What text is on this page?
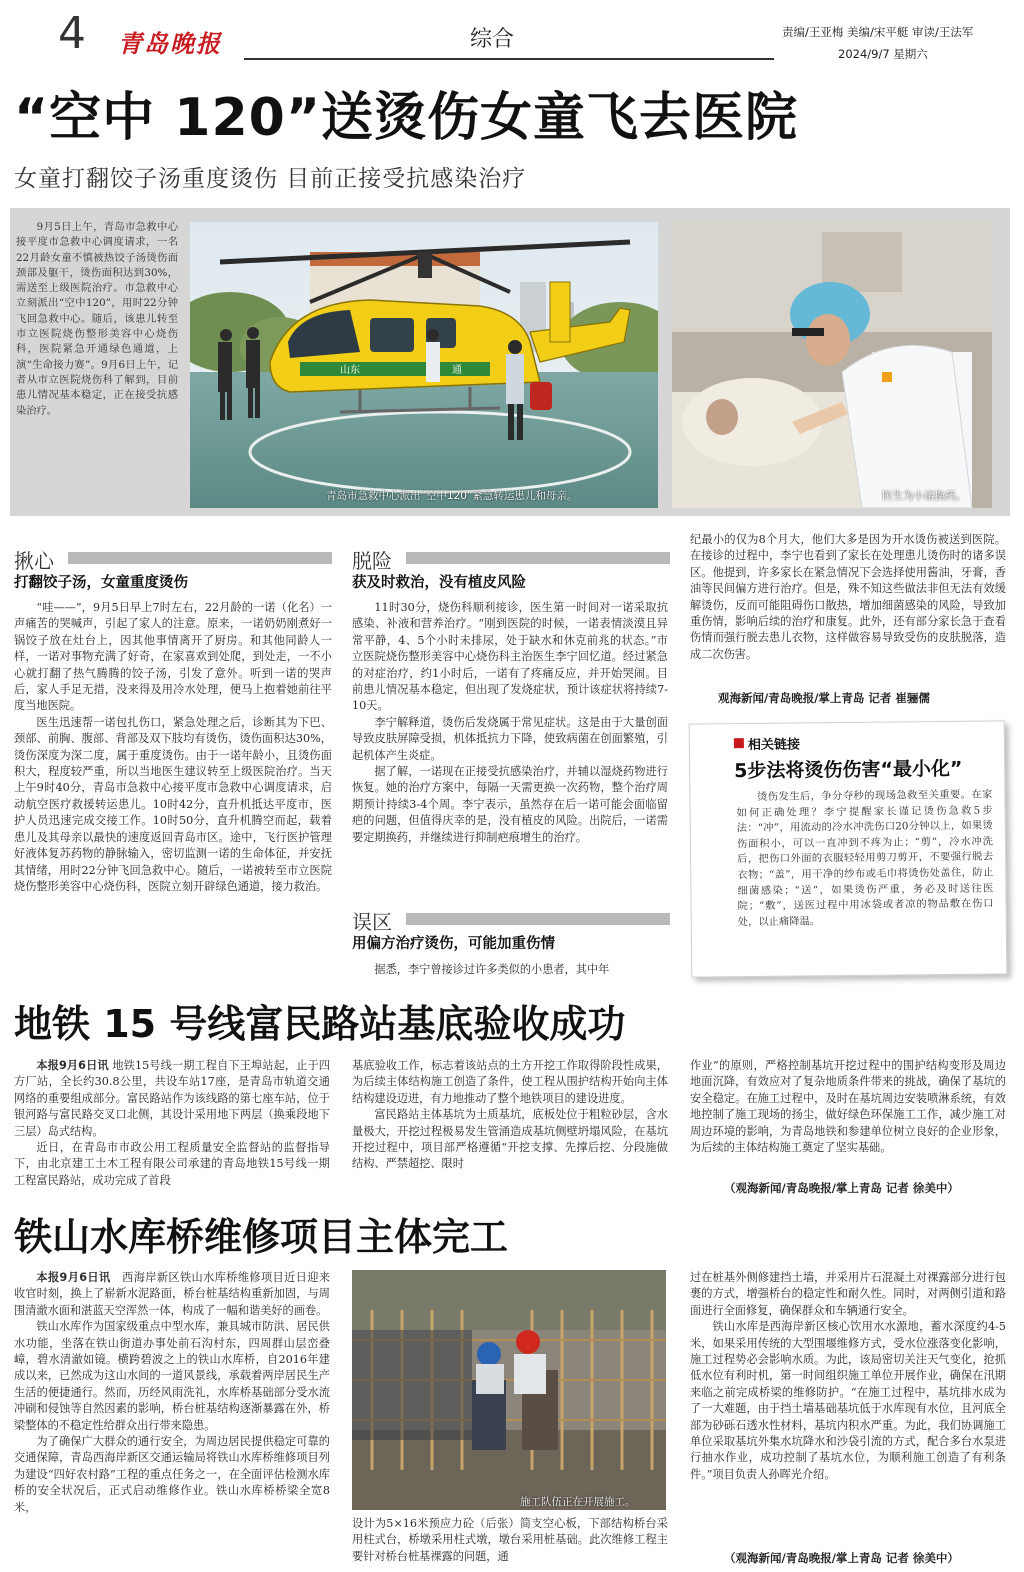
4 青岛晚报	综合	责编/王亚梅 美编/宋平艇 审读/王法军
2024/9/7 星期六
“空中 120”送烫伤女童飞去医院
女童打翻饺子汤重度烫伤 目前正接受抗感染治疗
9月5日上午，青岛市急救中心接平度市急救中心调度请求，一名22月龄女童不慎被热饺子汤烫伤面颈部及躯干，烫伤面积达到30%，需送至上级医院治疗。市急救中心立刻派出“空中120”，用时22分钟飞回急救中心。随后，该患儿转至市立医院烧伤整形美容中心烧伤科，医院紧急开通绿色通道，上演“生命接力赛”。9月6日上午，记者从市立医院烧伤科了解到，目前患儿情况基本稳定，正在接受抗感染治疗。
山东	通
青岛市急救中心派出“空中120”紧急转运患儿和母亲。	医生为小诺换药。
揪心
打翻饺子汤，女童重度烫伤

“哇——”，9月5日早上7时左右，22月龄的一诺（化名）一声痛苦的哭喊声，引起了家人的注意。原来，一诺奶奶刚煮好一锅饺子放在灶台上，因其他事情离开了厨房。和其他同龄人一样，一诺对事物充满了好奇，在家喜欢到处爬，到处走，一不小心就打翻了热气腾腾的饺子汤，引发了意外。听到一诺的哭声后，家人手足无措，没来得及用冷水处理，便马上抱着她前往平度当地医院。

医生迅速帮一诺包扎伤口，紧急处理之后，诊断其为下巴、颈部、前胸、腹部、背部及双下肢均有烫伤，烫伤面积达30%，烫伤深度为深二度，属于重度烫伤。由于一诺年龄小，且烫伤面积大，程度较严重，所以当地医生建议转至上级医院治疗。当天上午9时40分，青岛市急救中心接平度市急救中心调度请求，启动航空医疗救援转运患儿。10时42分，直升机抵达平度市，医护人员迅速完成交接工作。10时50分，直升机腾空而起，载着患儿及其母亲以最快的速度返回青岛市区。途中，飞行医护管理好液体复苏药物的静脉输入，密切监测一诺的生命体征，并安抚其情绪，用时22分钟飞回急救中心。随后，一诺被转至市立医院烧伤整形美容中心烧伤科，医院立刻开辟绿色通道，接力救治。

脱险
获及时救治，没有植皮风险

11时30分，烧伤科顺利接诊，医生第一时间对一诺采取抗感染、补液和营养治疗。“刚到医院的时候，一诺表情淡漠且异常平静，4、5个小时未排尿，处于缺水和休克前兆的状态。”市立医院烧伤整形美容中心烧伤科主治医生李宁回忆道。经过紧急的对症治疗，约1小时后，一诺有了疼痛反应，并开始哭闹。目前患儿情况基本稳定，但出现了发烧症状，预计该症状将持续7-10天。

李宁解释道，烫伤后发烧属于常见症状。这是由于大量创面导致皮肤屏障受损，机体抵抗力下降，使致病菌在创面繁殖，引起机体产生炎症。

据了解，一诺现在正接受抗感染治疗，并辅以湿烧药物进行恢复。她的治疗方案中，每隔一天需更换一次药物，整个治疗周期预计持续3-4个周。李宁表示，虽然存在后一诺可能会面临留疤的问题，但值得庆幸的是，没有植皮的风险。出院后，一诺需要定期换药，并继续进行抑制疤痕增生的治疗。

误区
用偏方治疗烫伤，可能加重伤情

据悉，李宁曾接诊过许多类似的小患者，其中年

纪最小的仅为8个月大，他们大多是因为开水烫伤被送到医院。在接诊的过程中，李宁也看到了家长在处理患儿烫伤时的诸多误区。他提到，许多家长在紧急情况下会选择使用酱油，牙膏，香油等民间偏方进行治疗。但是，殊不知这些做法非但无法有效缓解烫伤，反而可能阻碍伤口散热，增加细菌感染的风险，导致加重伤情，影响后续的治疗和康复。此外，还有部分家长急于查看伤情而强行脱去患儿衣物，这样做容易导致受伤的皮肤脱落，造成二次伤害。

观海新闻/青岛晚报/掌上青岛 记者 崔骊儒
相关链接
5步法将烫伤伤害“最小化”
烫伤发生后，争分夺秒的现场急救至关重要。在家如何正确处理？李宁提醒家长谨记烫伤急救5步法：“冲”，用流动的冷水冲洗伤口20分钟以上，如果烫伤面积小，可以一直冲到不疼为止；“剪”，冷水冲洗后，把伤口外面的衣服轻轻用剪刀剪开，不要强行脱去衣物；“盖”，用干净的纱布或毛巾将烫伤处盖住，防止细菌感染；“送”，如果烫伤严重，务必及时送往医院；“敷”，送医过程中用冰袋或者凉的物品敷在伤口处，以止痛降温。
地铁 15 号线富民路站基底验收成功

本报9月6日讯 地铁15号线一期工程自下王埠站起，止于四方厂站，全长约30.8公里，共设车站17座，是青岛市轨道交通网络的重要组成部分。富民路站作为该线路的第七座车站，位于银河路与富民路交叉口北侧，其设计采用地下两层（换乘段地下三层）岛式结构。

近日，在青岛市市政公用工程质量安全监督站的监督指导下，由北京建工土木工程有限公司承建的青岛地铁15号线一期工程富民路站，成功完成了首段

基底验收工作，标志着该站点的土方开挖工作取得阶段性成果，为后续主体结构施工创造了条件，使工程从围护结构开始向主体结构建设迈进，有力地推动了整个地铁项目的建设进度。

富民路站主体基坑为土质基坑，底板处位于粗粒砂层，含水量极大，开挖过程极易发生管涌造成基坑侧壁坍塌风险，在基坑开挖过程中，项目部严格遵循“开挖支撑、先撑后挖、分段施做结构、严禁超挖、限时

作业”的原则，严格控制基坑开挖过程中的围护结构变形及周边地面沉降，有效应对了复杂地质条件带来的挑战，确保了基坑的安全稳定。在施工过程中，及时在基坑周边安装喷淋系统，有效地控制了施工现场的扬尘，做好绿色环保施工工作，减少施工对周边环境的影响，为青岛地铁和参建单位树立良好的企业形象，为后续的主体结构施工奠定了坚实基础。

（观海新闻/青岛晚报/掌上青岛 记者 徐美中）
铁山水库桥维修项目主体完工

本报9月6日讯　 西海岸新区铁山水库桥维修项目近日迎来收官时刻，换上了崭新水泥路面，桥台桩基结构重新加固，与周围清澈水面和湛蓝天空浑然一体，构成了一幅和谐美好的画卷。

铁山水库作为国家级重点中型水库，兼具城市防洪、居民供水功能，坐落在铁山街道办事处前石沟村东，四周群山层峦叠嶂，碧水清澈如镜。横跨碧波之上的铁山水库桥，自2016年建成以来，已然成为这山水间的一道风景线，承载着两岸居民生产生活的便捷通行。然而，历经风雨洗礼，水库桥基础部分受水流冲刷和侵蚀等自然因素的影响，桥台桩基结构逐渐暴露在外，桥梁整体的不稳定性给群众出行带来隐患。

为了确保广大群众的通行安全，为周边居民提供稳定可靠的交通保障，青岛西海岸新区交通运输局将铁山水库桥维修项目列为建设“四好农村路”工程的重点任务之一，在全面评估检测水库桥的安全状况后，正式启动维修作业。铁山水库桥桥梁全宽8米，	施工队伍正在开展施工。

设计为5×16米预应力砼（后张）简支空心板，下部结构桥台采用柱式台，桥墩采用柱式墩，墩台采用桩基础。此次维修工程主要针对桥台桩基裸露的问题，通

过在桩基外侧修建挡土墙，并采用片石混凝土对裸露部分进行包裹的方式，增强桥台的稳定性和耐久性。同时，对两侧引道和路面进行全面修复，确保群众和车辆通行安全。

铁山水库是西海岸新区核心饮用水水源地，蓄水深度约4-5米，如果采用传统的大型围堰维修方式，受水位涨落变化影响，施工过程势必会影响水质。为此，该局密切关注天气变化，抢抓低水位有利时机，第一时间组织施工单位开展作业，确保在汛期来临之前完成桥梁的维修防护。“在施工过程中，基坑排水成为了一大难题，由于挡土墙基础基坑低于水库现有水位，且河底全部为砂砾石透水性材料，基坑内积水严重。为此，我们协调施工单位采取基坑外集水坑降水和沙袋引流的方式，配合多台水泵进行抽水作业，成功控制了基坑水位，为顺利施工创造了有利条件。”项目负责人孙晖光介绍。

（观海新闻/青岛晚报/掌上青岛 记者 徐美中）
